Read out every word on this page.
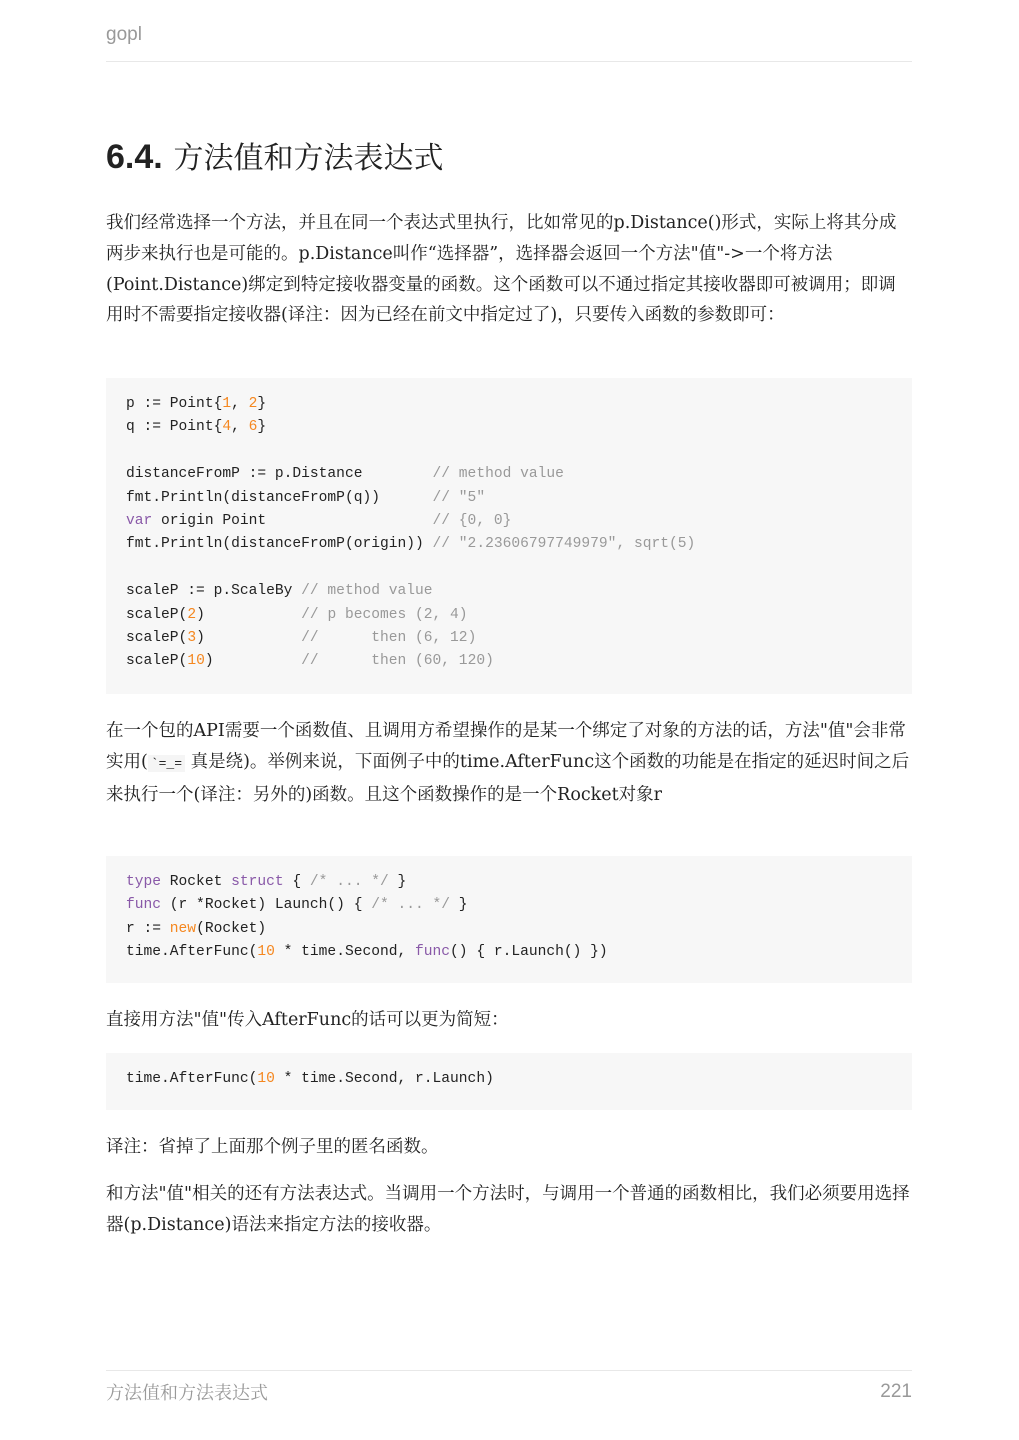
gopl
6.4. 方法值和方法表达式

我们经常选择一个方法，并且在同一个表达式里执行，比如常见的p.Distance()形式，实际上将其分成两步来执行也是可能的。p.Distance叫作“选择器”，选择器会返回一个方法"值"->一个将方法(Point.Distance)绑定到特定接收器变量的函数。这个函数可以不通过指定其接收器即可被调用；即调用时不需要指定接收器(译注：因为已经在前文中指定过了)，只要传入函数的参数即可：

p := Point{1, 2}
q := Point{4, 6}

distanceFromP := p.Distance        // method value
fmt.Println(distanceFromP(q))      // "5"
var origin Point                   // {0, 0}
fmt.Println(distanceFromP(origin)) // "2.23606797749979", sqrt(5)

scaleP := p.ScaleBy // method value
scaleP(2)           // p becomes (2, 4)
scaleP(3)           //      then (6, 12)
scaleP(10)          //      then (60, 120)

在一个包的API需要一个函数值、且调用方希望操作的是某一个绑定了对象的方法的话，方法"值"会非常实用( `=_= 真是绕)。举例来说，下面例子中的time.AfterFunc这个函数的功能是在指定的延迟时间之后来执行一个(译注：另外的)函数。且这个函数操作的是一个Rocket对象r

type Rocket struct { /* ... */ }
func (r *Rocket) Launch() { /* ... */ }
r := new(Rocket)
time.AfterFunc(10 * time.Second, func() { r.Launch() })

直接用方法"值"传入AfterFunc的话可以更为简短：

time.AfterFunc(10 * time.Second, r.Launch)

译注：省掉了上面那个例子里的匿名函数。

和方法"值"相关的还有方法表达式。当调用一个方法时，与调用一个普通的函数相比，我们必须要用选择器(p.Distance)语法来指定方法的接收器。

方法值和方法表达式	221
